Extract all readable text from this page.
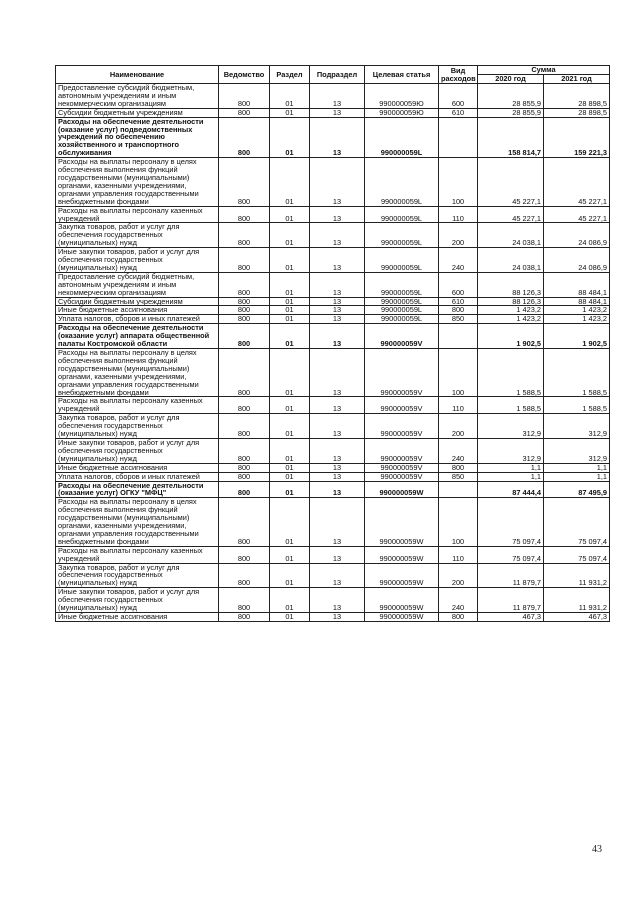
Наименование	Ведомство	Раздел	Подраздел	Целевая статья	Вид расходов	Сумма	
						2020 год	2021 год
Предоставление субсидий бюджетным, автономным учреждениям и иным некоммерческим организациям	800	01	13	990000059Ю	600	28 855,9	28 898,5
Субсидии бюджетным учреждениям	800	01	13	990000059Ю	610	28 855,9	28 898,5
Расходы на обеспечение деятельности (оказание услуг) подведомственных учреждений по обеспечению хозяйственного и транспортного обслуживания	800	01	13	990000059L		158 814,7	159 221,3
Расходы на выплаты персоналу в целях обеспечения выполнения функций государственными (муниципальными) органами, казенными учреждениями, органами управления государственными внебюджетными фондами	800	01	13	990000059L	100	45 227,1	45 227,1
Расходы на выплаты персоналу казенных учреждений	800	01	13	990000059L	110	45 227,1	45 227,1
Закупка товаров, работ и услуг для обеспечения государственных (муниципальных) нужд	800	01	13	990000059L	200	24 038,1	24 086,9
Иные закупки товаров, работ и услуг для обеспечения государственных (муниципальных) нужд	800	01	13	990000059L	240	24 038,1	24 086,9
Предоставление субсидий бюджетным, автономным учреждениям и иным некоммерческим организациям	800	01	13	990000059L	600	88 126,3	88 484,1
Субсидии бюджетным учреждениям	800	01	13	990000059L	610	88 126,3	88 484,1
Иные бюджетные ассигнования	800	01	13	990000059L	800	1 423,2	1 423,2
Уплата налогов, сборов и иных платежей	800	01	13	990000059L	850	1 423,2	1 423,2
Расходы на обеспечение деятельности (оказание услуг) аппарата общественной палаты Костромской области	800	01	13	990000059V		1 902,5	1 902,5
Расходы на выплаты персоналу в целях обеспечения выполнения функций государственными (муниципальными) органами, казенными учреждениями, органами управления государственными внебюджетными фондами	800	01	13	990000059V	100	1 588,5	1 588,5
Расходы на выплаты персоналу казенных учреждений	800	01	13	990000059V	110	1 588,5	1 588,5
Закупка товаров, работ и услуг для обеспечения государственных (муниципальных) нужд	800	01	13	990000059V	200	312,9	312,9
Иные закупки товаров, работ и услуг для обеспечения государственных (муниципальных) нужд	800	01	13	990000059V	240	312,9	312,9
Иные бюджетные ассигнования	800	01	13	990000059V	800	1,1	1,1
Уплата налогов, сборов и иных платежей	800	01	13	990000059V	850	1,1	1,1
Расходы на обеспечение деятельности (оказание услуг) ОГКУ "МФЦ"	800	01	13	990000059W		87 444,4	87 495,9
Расходы на выплаты персоналу в целях обеспечения выполнения функций государственными (муниципальными) органами, казенными учреждениями, органами управления государственными внебюджетными фондами	800	01	13	990000059W	100	75 097,4	75 097,4
Расходы на выплаты персоналу казенных учреждений	800	01	13	990000059W	110	75 097,4	75 097,4
Закупка товаров, работ и услуг для обеспечения государственных (муниципальных) нужд	800	01	13	990000059W	200	11 879,7	11 931,2
Иные закупки товаров, работ и услуг для обеспечения государственных (муниципальных) нужд	800	01	13	990000059W	240	11 879,7	11 931,2
Иные бюджетные ассигнования	800	01	13	990000059W	800	467,3	467,3
43
